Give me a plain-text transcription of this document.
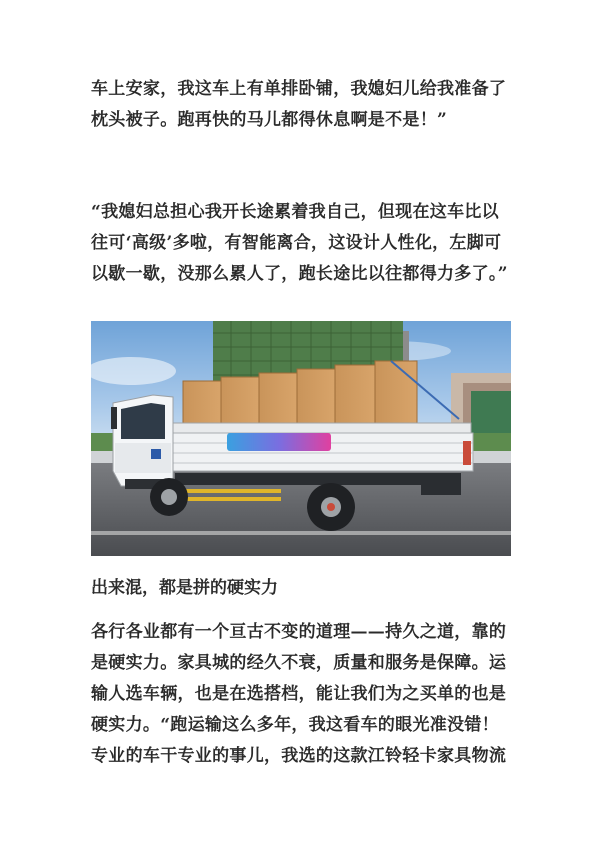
车上安家，我这车上有单排卧铺，我媳妇儿给我准备了枕头被子。跑再快的马儿都得休息啊是不是！”

“我媳妇总担心我开长途累着我自己，但现在这车比以往可‘高级’多啦，有智能离合，这设计人性化，左脚可以歇一歇，没那么累人了，跑长途比以往都得力多了。”

出来混，都是拼的硬实力

各行各业都有一个亘古不变的道理——持久之道，靠的是硬实力。家具城的经久不衰，质量和服务是保障。运输人选车辆，也是在选搭档，能让我们为之买单的也是硬实力。“跑运输这么多年，我这看车的眼光准没错！专业的车干专业的事儿，我选的这款江铃轻卡家具物流
